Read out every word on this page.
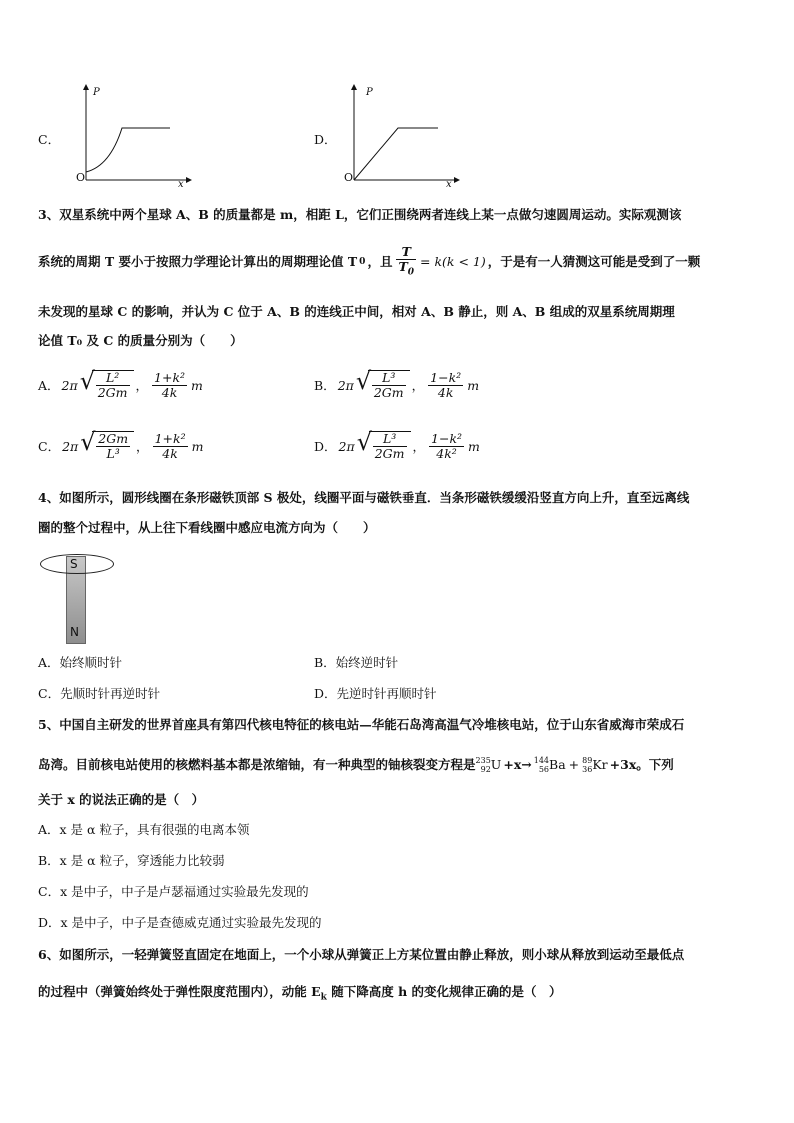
C．
P
x
O
D．
P
x
O
3、双星系统中两个星球 A、B 的质量都是 m，相距 L，它们正围绕两者连线上某一点做匀速圆周运动。实际观测该
系统的周期 T 要小于按照力学理论计算出的周期理论值 T 0 ，且 $\frac{T}{T_0} = k(k < 1)$ ，于是有一人猜测这可能是受到了一颗
未发现的星球 C 的影响，并认为 C 位于 A、B 的连线正中间，相对 A、B 静止，则 A、B 组成的双星系统周期理
论值 T₀ 及 C 的质量分别为（　　）
A． 2π √ $\frac{\text{L²}}{2Gm}$ ， $\frac{\text{1+k²}}{4k}$ m	B． 2π √ $\frac{\text{L³}}{2Gm}$ ， $\frac{\text{1−k²}}{4k}$ m
C． 2π √ $\frac{2Gm}{\text{L³}}$ ， $\frac{\text{1+k²}}{4k}$ m	D． 2π √ $\frac{\text{L³}}{2Gm}$ ， $\frac{\text{1−k²}}{\text{4k²}}$ m
4、如图所示，圆形线圈在条形磁铁顶部 S 极处，线圈平面与磁铁垂直．当条形磁铁缓缓沿竖直方向上升，直至远离线
圈的整个过程中，从上往下看线圈中感应电流方向为（　　）
S
N
A．始终顺时针	B．始终逆时针
C．先顺时针再逆时针	D．先逆时针再顺时针
5、中国自主研发的世界首座具有第四代核电特征的核电站—华能石岛湾高温气冷堆核电站，位于山东省威海市荣成石
岛湾。目前核电站使用的核燃料基本都是浓缩铀，有一种典型的铀核裂变方程是 235
92 U +x→ 144
56 Ba + 89
36 Kr +3x。下列
关于 x 的说法正确的是（　）
A．x 是 α 粒子，具有很强的电离本领
B．x 是 α 粒子，穿透能力比较弱
C．x 是中子，中子是卢瑟福通过实验最先发现的
D．x 是中子，中子是查德威克通过实验最先发现的
6、如图所示，一轻弹簧竖直固定在地面上，一个小球从弹簧正上方某位置由静止释放，则小球从释放到运动至最低点
的过程中（弹簧始终处于弹性限度范围内），动能 $E_k$ 随下降高度 h 的变化规律正确的是（　）
